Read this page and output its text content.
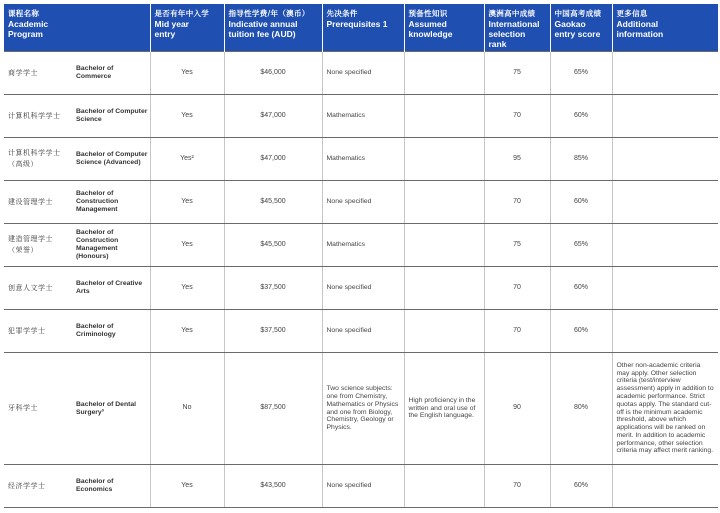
课程名称
Academic
Program	是否有年中入学
Mid year
entry	指导性学费/年（澳币）
Indicative annual
tuition fee (AUD)	先决条件
Prerequisites 1	预备性知识
Assumed
knowledge	澳洲高中成绩
International
selection rank	中国高考成绩
Gaokao
entry score	更多信息
Additional
information

商学学士 Bachelor of Commerce	Yes	$46,000	None specified		75	65%	

计算机科学学士 Bachelor of Computer Science	Yes	$47,000	Mathematics		70	60%	

计算机科学学士
（高级）
Bachelor of Computer Science (Advanced)	Yes²	$47,000	Mathematics		95	85%	

建设管理学士
Bachelor of Construction Management	Yes	$45,500	None specified		70	60%	

建造管理学士
（荣誉）
Bachelor of Construction Management (Honours)	Yes	$45,500	Mathematics		75	65%	

创意人文学士 Bachelor of Creative Arts	Yes	$37,500	None specified		70	60%	

犯罪学学士 Bachelor of Criminology	Yes	$37,500	None specified		70	60%	

牙科学士 Bachelor of Dental Surgery³	No	$87,500	Two science subjects: one from Chemistry, Mathematics or Physics and one from Biology, Chemistry, Geology or Physics.	High proficiency in the written and oral use of the English language.	90	80%	Other non-academic criteria may apply. Other selection criteria (test/interview assessment) apply in addition to academic performance. Strict quotas apply. The standard cut-off is the minimum academic threshold, above which applications will be ranked on merit. In addition to academic performance, other selection criteria may affect merit ranking.

经济学学士 Bachelor of Economics	Yes	$43,500	None specified		70	60%	
